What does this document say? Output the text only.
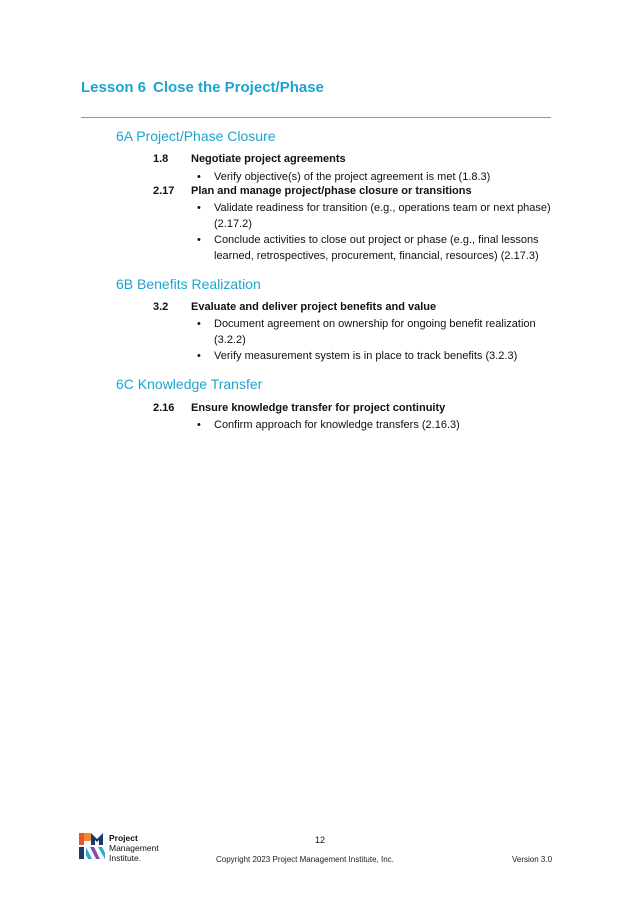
Lesson 6 Close the Project/Phase
6A Project/Phase Closure
1.8 Negotiate project agreements
• Verify objective(s) of the project agreement is met (1.8.3)
2.17 Plan and manage project/phase closure or transitions
• Validate readiness for transition (e.g., operations team or next phase) (2.17.2)
• Conclude activities to close out project or phase (e.g., final lessons learned, retrospectives, procurement, financial, resources) (2.17.3)
6B Benefits Realization
3.2 Evaluate and deliver project benefits and value
• Document agreement on ownership for ongoing benefit realization (3.2.2)
• Verify measurement system is in place to track benefits (3.2.3)
6C Knowledge Transfer
2.16 Ensure knowledge transfer for project continuity
• Confirm approach for knowledge transfers (2.16.3)
Project
Management
Institute.
12
Copyright 2023 Project Management Institute, Inc.	Version 3.0
